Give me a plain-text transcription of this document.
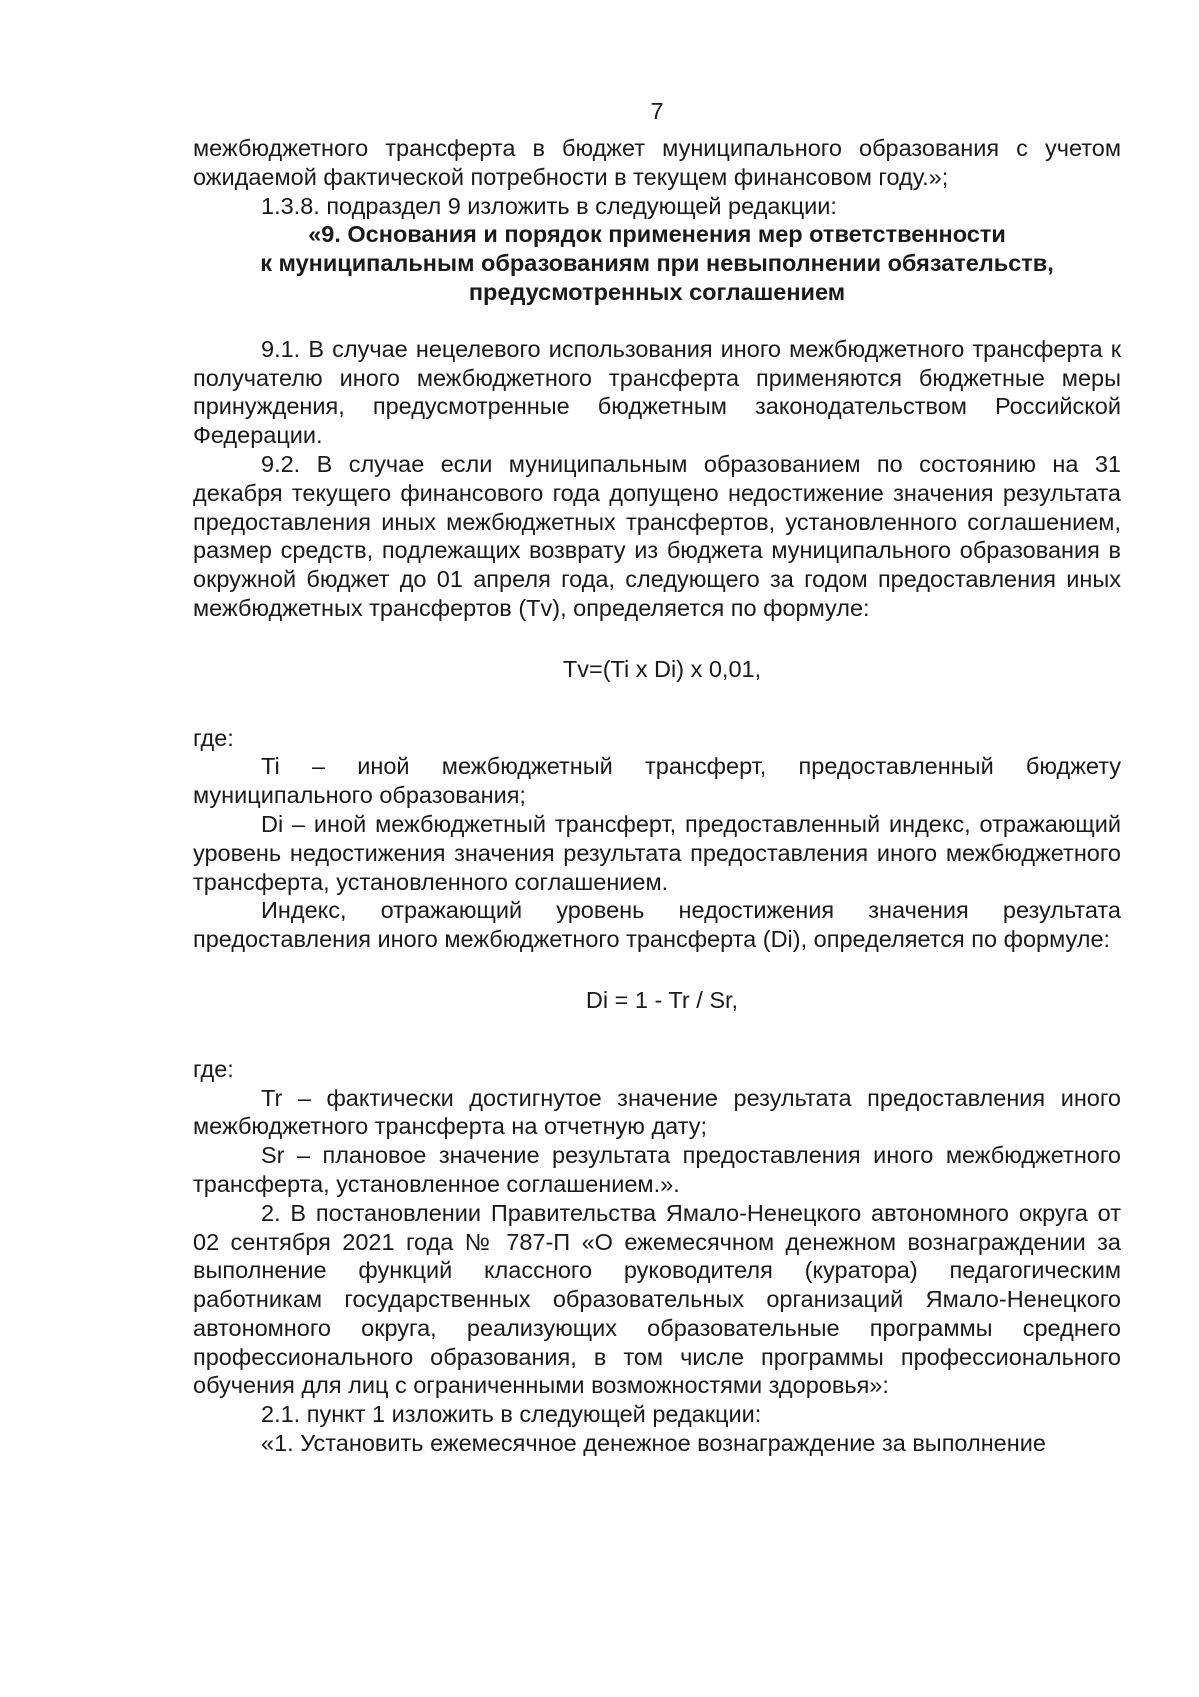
7

межбюджетного трансферта в бюджет муниципального образования с учетом ожидаемой фактической потребности в текущем финансовом году.»;

1.3.8. подраздел 9 изложить в следующей редакции:

«9. Основания и порядок применения мер ответственности

к муниципальным образованиям при невыполнении обязательств,

предусмотренных соглашением

9.1. В случае нецелевого использования иного межбюджетного трансферта к получателю иного межбюджетного трансферта применяются бюджетные меры принуждения, предусмотренные бюджетным законодательством Российской Федерации.

9.2. В случае если муниципальным образованием по состоянию на 31 декабря текущего финансового года допущено недостижение значения результата предоставления иных межбюджетных трансфертов, установленного соглашением, размер средств, подлежащих возврату из бюджета муниципального образования в окружной бюджет до 01 апреля года, следующего за годом предоставления иных межбюджетных трансфертов (Tv), определяется по формуле:

Tv=(Ti x Di) x 0,01,

где:

Ti – иной межбюджетный трансферт, предоставленный бюджету муниципального образования;

Di – иной межбюджетный трансферт, предоставленный индекс, отражающий уровень недостижения значения результата предоставления иного межбюджетного трансферта, установленного соглашением.

Индекс, отражающий уровень недостижения значения результата предоставления иного межбюджетного трансферта (Di), определяется по формуле:

Di = 1 - Tr / Sr,

где:

Tr – фактически достигнутое значение результата предоставления иного межбюджетного трансферта на отчетную дату;

Sr – плановое значение результата предоставления иного межбюджетного трансферта, установленное соглашением.».

2. В постановлении Правительства Ямало-Ненецкого автономного округа от 02 сентября 2021 года № 787-П «О ежемесячном денежном вознаграждении за выполнение функций классного руководителя (куратора) педагогическим работникам государственных образовательных организаций Ямало-Ненецкого автономного округа, реализующих образовательные программы среднего профессионального образования, в том числе программы профессионального обучения для лиц с ограниченными возможностями здоровья»:

2.1. пункт 1 изложить в следующей редакции:

«1. Установить ежемесячное денежное вознаграждение за выполнение
